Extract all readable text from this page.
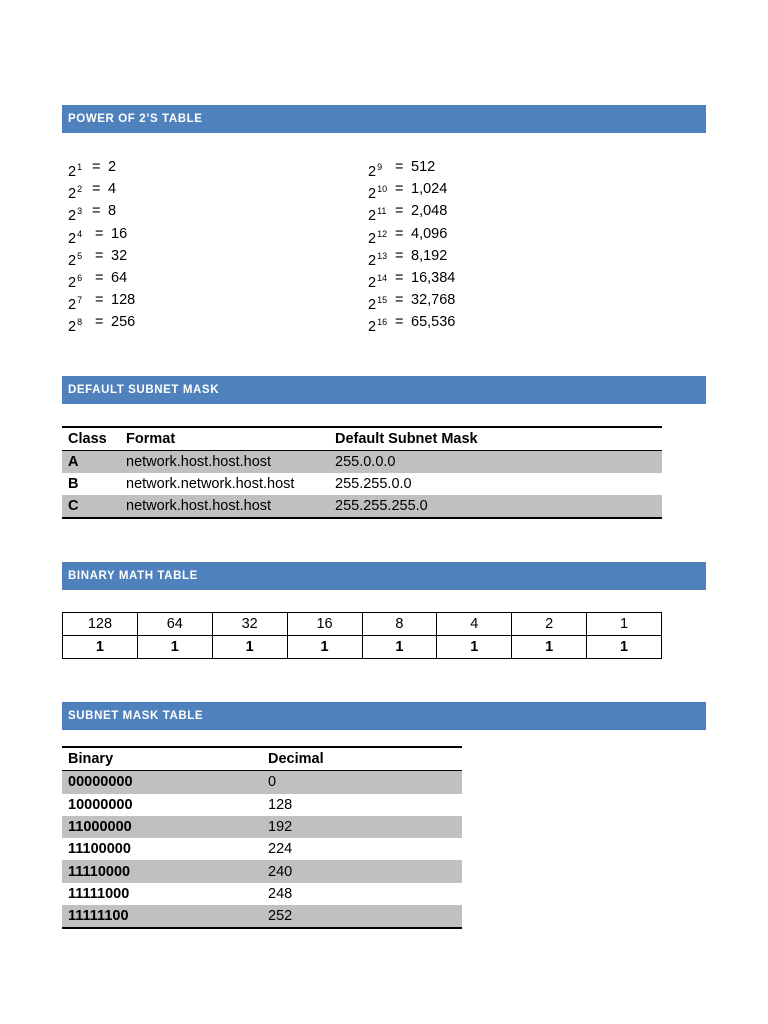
POWER OF 2’S TABLE
$2^1 = 2$
$2^2 = 4$
$2^3 = 8$
$2^4 = 16$
$2^5 = 32$
$2^6 = 64$
$2^7 = 128$
$2^8 = 256$
$2^9 = 512$
$2^{10} = 1,024$
$2^{11} = 2,048$
$2^{12} = 4,096$
$2^{13} = 8,192$
$2^{14} = 16,384$
$2^{15} = 32,768$
$2^{16} = 65,536$
DEFAULT SUBNET MASK
Class	Format	Default Subnet Mask
A	network.host.host.host	255.0.0.0
B	network.network.host.host	255.255.0.0
C	network.host.host.host	255.255.255.0
BINARY MATH TABLE
128	64	32	16	8	4	2	1
1	1	1	1	1	1	1	1
SUBNET MASK TABLE
Binary	Decimal
00000000	0
10000000	128
11000000	192
11100000	224
11110000	240
11111000	248
11111100	252
